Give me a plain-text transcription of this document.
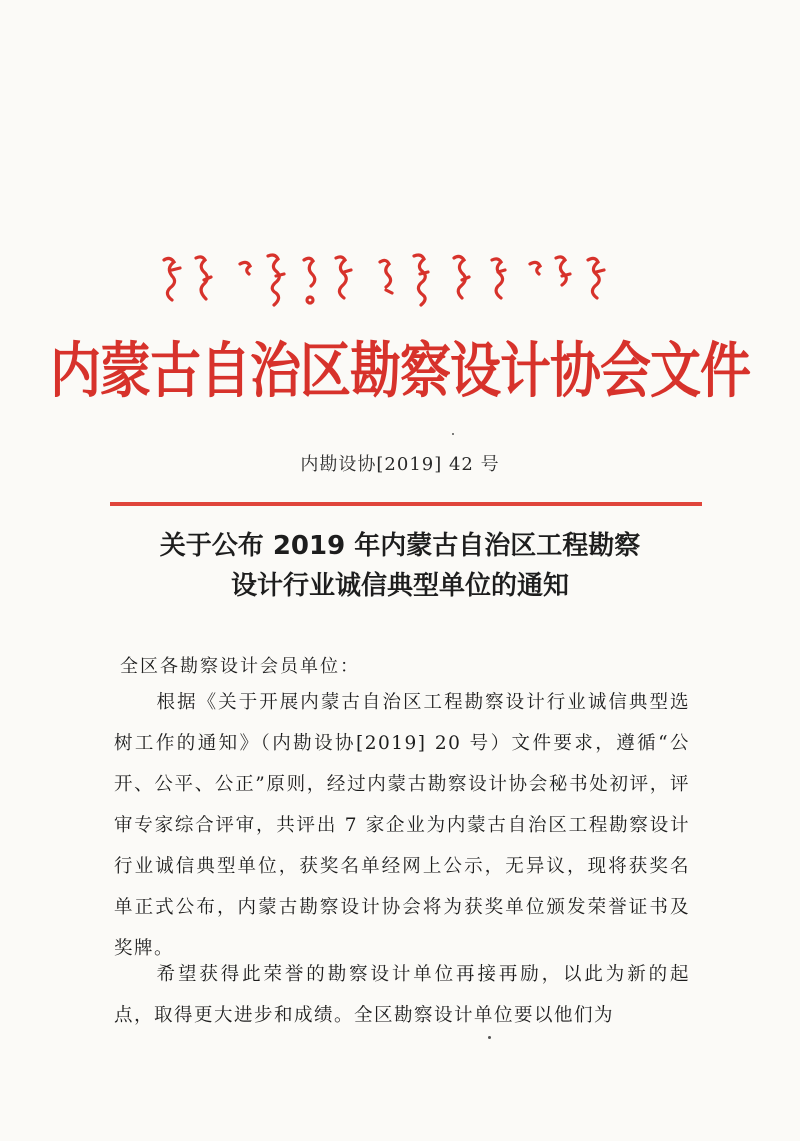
内蒙古自治区勘察设计协会文件
内勘设协[2019] 42 号
关于公布 2019 年内蒙古自治区工程勘察
设计行业诚信典型单位的通知
全区各勘察设计会员单位：

根据《关于开展内蒙古自治区工程勘察设计行业诚信典型选树工作的通知》（内勘设协[2019] 20 号）文件要求，遵循“公开、公平、公正”原则，经过内蒙古勘察设计协会秘书处初评，评审专家综合评审，共评出 7 家企业为内蒙古自治区工程勘察设计行业诚信典型单位，获奖名单经网上公示，无异议，现将获奖名单正式公布，内蒙古勘察设计协会将为获奖单位颁发荣誉证书及奖牌。

希望获得此荣誉的勘察设计单位再接再励，以此为新的起点，取得更大进步和成绩。全区勘察设计单位要以他们为
